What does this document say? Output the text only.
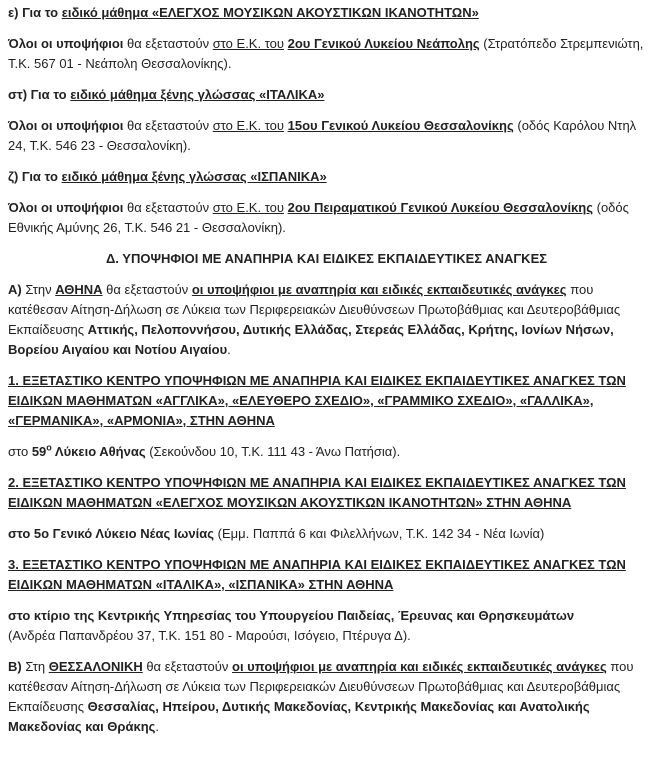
ε) Για το ειδικό μάθημα «ΕΛΕΓΧΟΣ ΜΟΥΣΙΚΩΝ ΑΚΟΥΣΤΙΚΩΝ ΙΚΑΝΟΤΗΤΩΝ»

Όλοι οι υποψήφιοι θα εξεταστούν στο Ε.Κ. του 2ου Γενικού Λυκείου Νεάπολης (Στρατόπεδο Στρεμπενιώτη, Τ.Κ. 567 01 - Νεάπολη Θεσσαλονίκης).

στ) Για το ειδικό μάθημα ξένης γλώσσας «ΙΤΑΛΙΚΑ»

Όλοι οι υποψήφιοι θα εξεταστούν στο Ε.Κ. του 15ου Γενικού Λυκείου Θεσσαλονίκης (οδός Καρόλου Ντηλ 24, Τ.Κ. 546 23 - Θεσσαλονίκη).

ζ) Για το ειδικό μάθημα ξένης γλώσσας «ΙΣΠΑΝΙΚΑ»

Όλοι οι υποψήφιοι θα εξεταστούν στο Ε.Κ. του 2ου Πειραματικού Γενικού Λυκείου Θεσσαλονίκης (οδός Εθνικής Αμύνης 26, Τ.Κ. 546 21 - Θεσσαλονίκη).

Δ. ΥΠΟΨΗΦΙΟΙ ΜΕ ΑΝΑΠΗΡΙΑ ΚΑΙ ΕΙΔΙΚΕΣ ΕΚΠΑΙΔΕΥΤΙΚΕΣ ΑΝΑΓΚΕΣ

Α) Στην ΑΘΗΝΑ θα εξεταστούν οι υποψήφιοι με αναπηρία και ειδικές εκπαιδευτικές ανάγκες που κατέθεσαν Αίτηση-Δήλωση σε Λύκεια των Περιφερειακών Διευθύνσεων Πρωτοβάθμιας και Δευτεροβάθμιας Εκπαίδευσης Αττικής, Πελοποννήσου, Δυτικής Ελλάδας, Στερεάς Ελλάδας, Κρήτης, Ιονίων Νήσων, Βορείου Αιγαίου και Νοτίου Αιγαίου.

1. ΕΞΕΤΑΣΤΙΚΟ ΚΕΝΤΡΟ ΥΠΟΨΗΦΙΩΝ ΜΕ ΑΝΑΠΗΡΙΑ ΚΑΙ ΕΙΔΙΚΕΣ ΕΚΠΑΙΔΕΥΤΙΚΕΣ ΑΝΑΓΚΕΣ ΤΩΝ ΕΙΔΙΚΩΝ ΜΑΘΗΜΑΤΩΝ «ΑΓΓΛΙΚΑ», «ΕΛΕΥΘΕΡΟ ΣΧΕΔΙΟ», «ΓΡΑΜΜΙΚΟ ΣΧΕΔΙΟ», «ΓΑΛΛΙΚΑ», «ΓΕΡΜΑΝΙΚΑ», «ΑΡΜΟΝΙΑ», ΣΤΗΝ ΑΘΗΝΑ

στο $59^o$ Λύκειο Αθήνας (Σεκούνδου 10, Τ.Κ. 111 43 - Άνω Πατήσια).

2. ΕΞΕΤΑΣΤΙΚΟ ΚΕΝΤΡΟ ΥΠΟΨΗΦΙΩΝ ΜΕ ΑΝΑΠΗΡΙΑ ΚΑΙ ΕΙΔΙΚΕΣ ΕΚΠΑΙΔΕΥΤΙΚΕΣ ΑΝΑΓΚΕΣ ΤΩΝ ΕΙΔΙΚΩΝ ΜΑΘΗΜΑΤΩΝ «ΕΛΕΓΧΟΣ ΜΟΥΣΙΚΩΝ ΑΚΟΥΣΤΙΚΩΝ ΙΚΑΝΟΤΗΤΩΝ» ΣΤΗΝ ΑΘΗΝΑ

στο 5ο Γενικό Λύκειο Νέας Ιωνίας (Εμμ. Παππά 6 και Φιλελλήνων, Τ.Κ. 142 34 - Νέα Ιωνία)

3. ΕΞΕΤΑΣΤΙΚΟ ΚΕΝΤΡΟ ΥΠΟΨΗΦΙΩΝ ΜΕ ΑΝΑΠΗΡΙΑ ΚΑΙ ΕΙΔΙΚΕΣ ΕΚΠΑΙΔΕΥΤΙΚΕΣ ΑΝΑΓΚΕΣ ΤΩΝ ΕΙΔΙΚΩΝ ΜΑΘΗΜΑΤΩΝ «ΙΤΑΛΙΚΑ», «ΙΣΠΑΝΙΚΑ» ΣΤΗΝ ΑΘΗΝΑ

στο κτίριο της Κεντρικής Υπηρεσίας του Υπουργείου Παιδείας, Έρευνας και Θρησκευμάτων
(Ανδρέα Παπανδρέου 37, Τ.Κ. 151 80 - Μαρούσι, Ισόγειο, Πτέρυγα Δ).

Β) Στη ΘΕΣΣΑΛΟΝΙΚΗ θα εξεταστούν οι υποψήφιοι με αναπηρία και ειδικές εκπαιδευτικές ανάγκες που κατέθεσαν Αίτηση-Δήλωση σε Λύκεια των Περιφερειακών Διευθύνσεων Πρωτοβάθμιας και Δευτεροβάθμιας Εκπαίδευσης Θεσσαλίας, Ηπείρου, Δυτικής Μακεδονίας, Κεντρικής Μακεδονίας και Ανατολικής Μακεδονίας και Θράκης.
